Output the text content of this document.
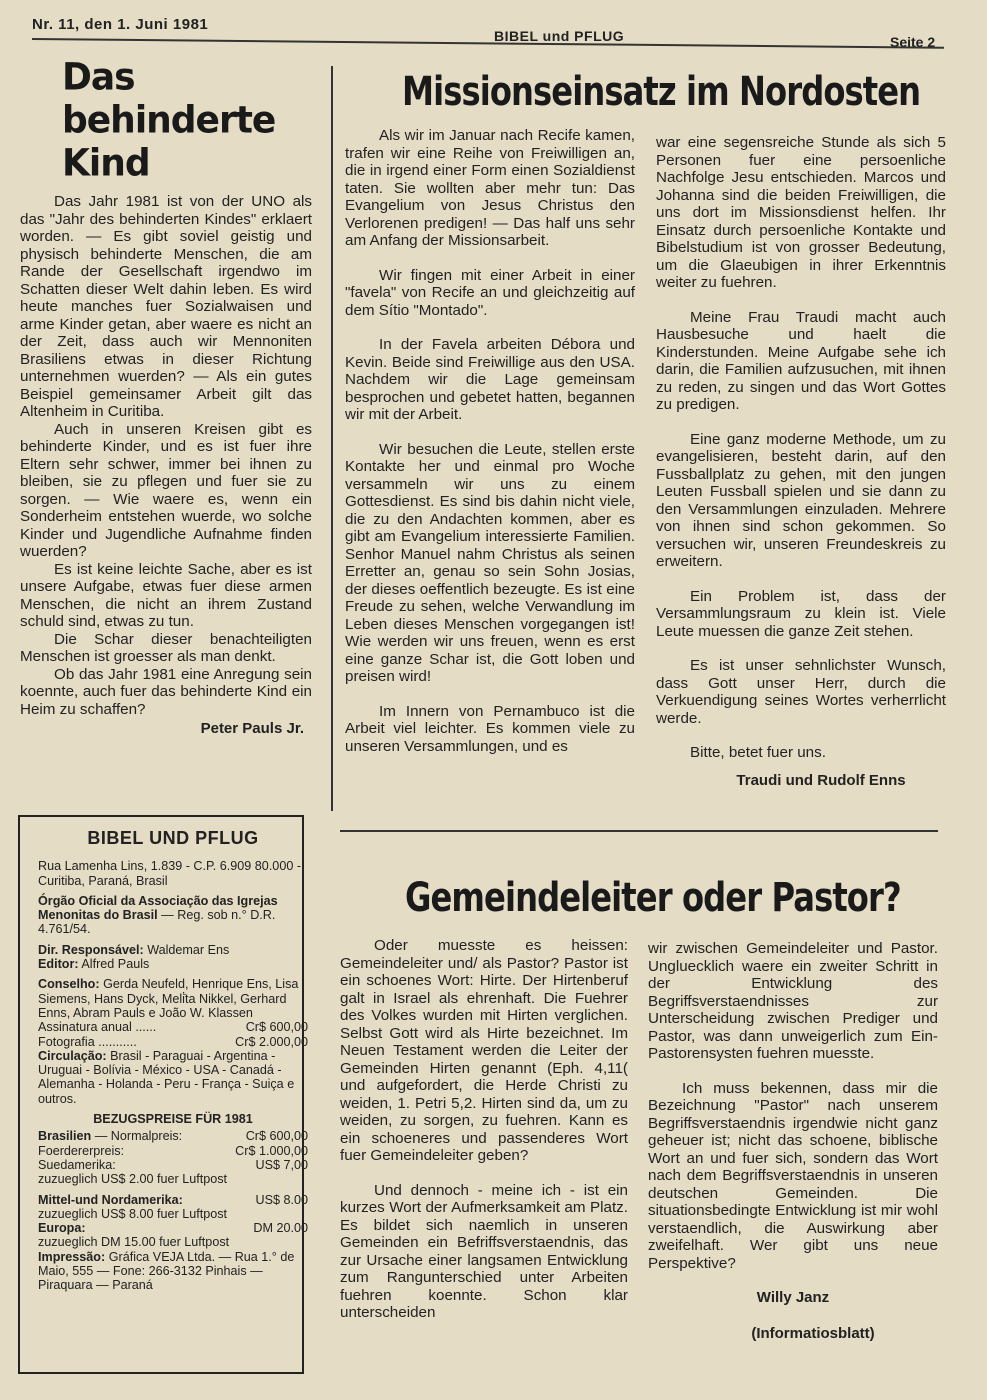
Nr. 11, den 1. Juni 1981
BIBEL und PFLUG	Seite 2
Das
behinderte
Kind

Das Jahr 1981 ist von der UNO als das "Jahr des behinderten Kindes" erklaert worden. — Es gibt soviel geistig und physisch behinderte Menschen, die am Rande der Gesellschaft irgendwo im Schatten dieser Welt dahin leben. Es wird heute manches fuer Sozialwaisen und arme Kinder getan, aber waere es nicht an der Zeit, dass auch wir Mennoniten Brasiliens etwas in dieser Richtung unternehmen wuerden? — Als ein gutes Beispiel gemeinsamer Arbeit gilt das Altenheim in Curitiba.

Auch in unseren Kreisen gibt es behinderte Kinder, und es ist fuer ihre Eltern sehr schwer, immer bei ihnen zu bleiben, sie zu pflegen und fuer sie zu sorgen. — Wie waere es, wenn ein Sonderheim entstehen wuerde, wo solche Kinder und Jugendliche Aufnahme finden wuerden?

Es ist keine leichte Sache, aber es ist unsere Aufgabe, etwas fuer diese armen Menschen, die nicht an ihrem Zustand schuld sind, etwas zu tun.

Die Schar dieser benachteiligten Menschen ist groesser als man denkt.

Ob das Jahr 1981 eine Anregung sein koennte, auch fuer das behinderte Kind ein Heim zu schaffen?

Peter Pauls Jr.
BIBEL UND PFLUG
Rua Lamenha Lins, 1.839 - C.P. 6.909 80.000 - Curitiba, Paraná, Brasil
Órgão Oficial da Associação das Igrejas Menonitas do Brasil — Reg. sob n.° D.R. 4.761/54.
Dir. Responsável: Waldemar Ens
Editor: Alfred Pauls
Conselho: Gerda Neufeld, Henrique Ens, Lisa Siemens, Hans Dyck, Meli̇̇ta Nikkel, Gerhard Enns, Abram Pauls e João W. Klassen
Assinatura anual ......	Cr$ 600,00
Fotografia ...........	Cr$ 2.000,00
Circulação: Brasil - Paraguai - Argentina - Uruguai - Bolívia - México - USA - Canadá - Alemanha - Holanda - Peru - França - Suiça e outros.
BEZUGSPREISE FÜR 1981
Brasilien — Normalpreis:	Cr$ 600,00
Foerdererpreis:	Cr$ 1.000,00
Suedamerika:	US$ 7,00
zuzueglich US$ 2.00 fuer Luftpost
Mittel-und Nordamerika:	US$ 8.00
zuzueglich US$ 8.00 fuer Luftpost
Europa:	DM 20.00
zuzueglich DM 15.00 fuer Luftpost
Impressão: Gráfica VEJA Ltda. — Rua 1.° de Maio, 555 — Fone: 266-3132 Pinhais — Piraquara — Paraná
Missionseinsatz im Nordosten

Als wir im Januar nach Recife kamen, trafen wir eine Reihe von Freiwilligen an, die in irgend einer Form einen Sozialdienst taten. Sie wollten aber mehr tun: Das Evangelium von Jesus Christus den Verlorenen predigen! — Das half uns sehr am Anfang der Missionsarbeit.

Wir fingen mit einer Arbeit in einer "favela" von Recife an und gleichzeitig auf dem Sítio "Montado".

In der Favela arbeiten Débora und Kevin. Beide sind Freiwillige aus den USA. Nachdem wir die Lage gemeinsam besprochen und gebetet hatten, begannen wir mit der Arbeit.

Wir besuchen die Leute, stellen erste Kontakte her und einmal pro Woche versammeln wir uns zu einem Gottesdienst. Es sind bis dahin nicht viele, die zu den Andachten kommen, aber es gibt am Evangelium interessierte Familien. Senhor Manuel nahm Christus als seinen Erretter an, genau so sein Sohn Josias, der dieses oeffentlich bezeugte. Es ist eine Freude zu sehen, welche Verwandlung im Leben dieses Menschen vorgegangen ist! Wie werden wir uns freuen, wenn es erst eine ganze Schar ist, die Gott loben und preisen wird!

Im Innern von Pernambuco ist die Arbeit viel leichter. Es kommen viele zu unseren Versammlungen, und es

war eine segensreiche Stunde als sich 5 Personen fuer eine persoenliche Nachfolge Jesu entschieden. Marcos und Johanna sind die beiden Freiwilligen, die uns dort im Missionsdienst helfen. Ihr Einsatz durch persoenliche Kontakte und Bibelstudium ist von grosser Bedeutung, um die Glaeubigen in ihrer Erkenntnis weiter zu fuehren.

Meine Frau Traudi macht auch Hausbesuche und haelt die Kinderstunden. Meine Aufgabe sehe ich darin, die Familien aufzusuchen, mit ihnen zu reden, zu singen und das Wort Gottes zu predigen.

Eine ganz moderne Methode, um zu evangelisieren, besteht darin, auf den Fussballplatz zu gehen, mit den jungen Leuten Fussball spielen und sie dann zu den Versammlungen einzuladen. Mehrere von ihnen sind schon gekommen. So versuchen wir, unseren Freundeskreis zu erweitern.

Ein Problem ist, dass der Versammlungsraum zu klein ist. Viele Leute muessen die ganze Zeit stehen.

Es ist unser sehnlichster Wunsch, dass Gott unser Herr, durch die Verkuendigung seines Wortes verherrlicht werde.

Bitte, betet fuer uns.

Traudi und Rudolf Enns
Gemeindeleiter oder Pastor?

Oder muesste es heissen: Gemeindeleiter und/ als Pastor? Pastor ist ein schoenes Wort: Hirte. Der Hirtenberuf galt in Israel als ehrenhaft. Die Fuehrer des Volkes wurden mit Hirten verglichen. Selbst Gott wird als Hirte bezeichnet. Im Neuen Testament werden die Leiter der Gemeinden Hirten genannt (Eph. 4,11( und aufgefordert, die Herde Christi zu weiden, 1. Petri 5,2. Hirten sind da, um zu weiden, zu sorgen, zu fuehren. Kann es ein schoeneres und passenderes Wort fuer Gemeindeleiter geben?

Und dennoch - meine ich - ist ein kurzes Wort der Aufmerksamkeit am Platz. Es bildet sich naemlich in unseren Gemeinden ein Befriffsverstaendnis, das zur Ursache einer langsamen Entwicklung zum Rangunterschied unter Arbeiten fuehren koennte. Schon klar unterscheiden

wir zwischen Gemeindeleiter und Pastor. Ungluecklich waere ein zweiter Schritt in der Entwicklung des Begriffsverstaendnisses zur Unterscheidung zwischen Prediger und Pastor, was dann unweigerlich zum Ein-Pastorensysten fuehren muesste.

Ich muss bekennen, dass mir die Bezeichnung "Pastor" nach unserem Begriffsverstaendnis irgendwie nicht ganz geheuer ist; nicht das schoene, biblische Wort an und fuer sich, sondern das Wort nach dem Begriffsverstaendnis in unseren deutschen Gemeinden. Die situationsbedingte Entwicklung ist mir wohl verstaendlich, die Auswirkung aber zweifelhaft. Wer gibt uns neue Perspektive?

Willy Janz
(Informatiosblatt)
